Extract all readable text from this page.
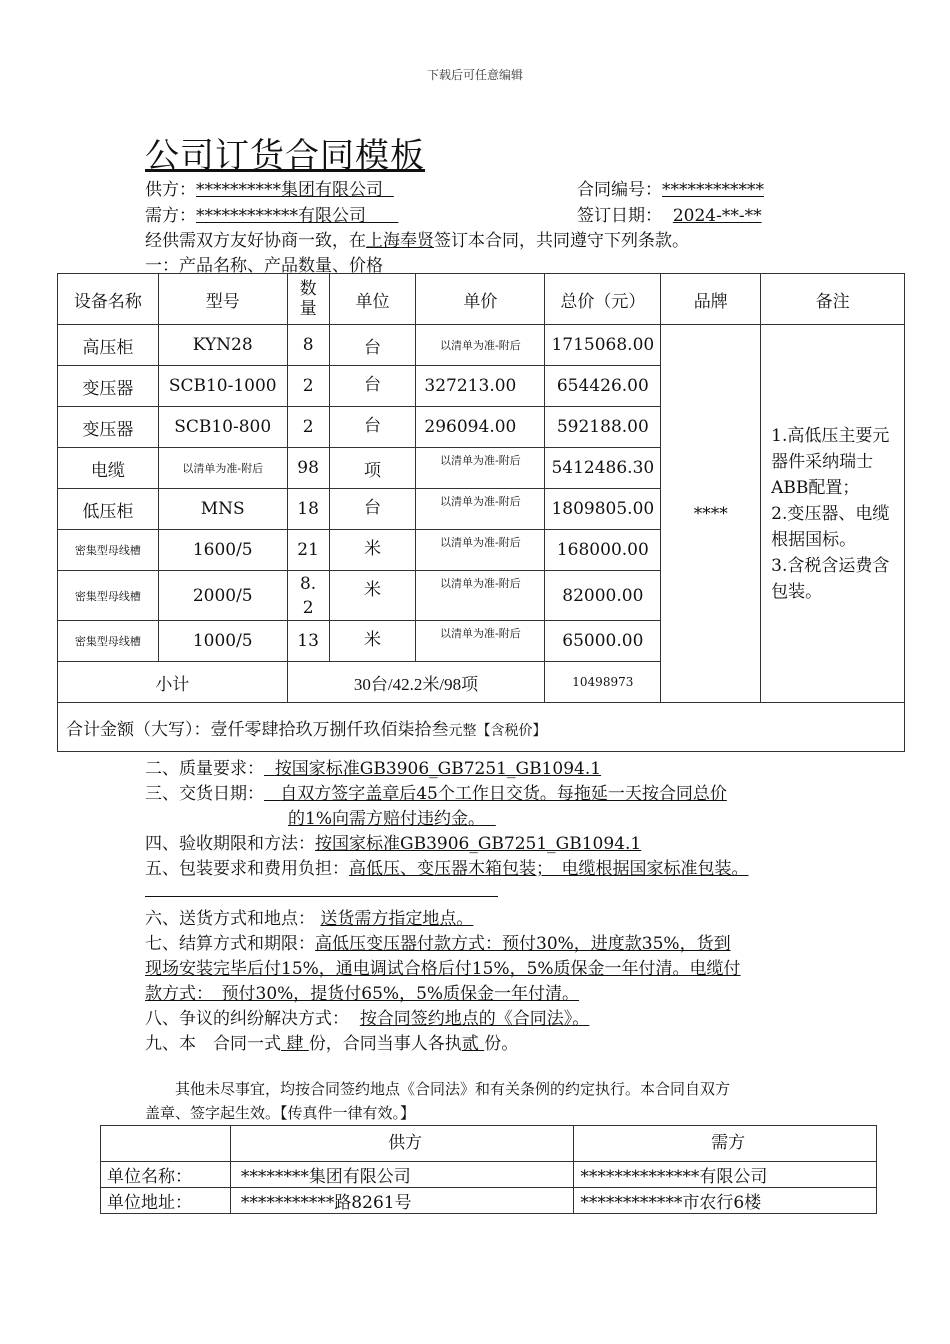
下载后可任意编辑
公司订货合同模板
供方：**********集团有限公司	合同编号：************
需方：************有限公司	签订日期： 2024-**-**
经供需双方友好协商一致，在上海奉贤签订本合同，共同遵守下列条款。
一：产品名称、产品数量、价格
设备名称	型号	数量	单位	单价	总价（元）	品牌	备注
高压柜	KYN28	8	台	以清单为准-附后	1715068.00	****	1.高低压主要元器件采纳瑞士ABB配置；
2.变压器、电缆根据国标。
3.含税含运费含包装。
变压器	SCB10-1000	2	台	327213.00	654426.00		
变压器	SCB10-800	2	台	296094.00	592188.00		
电缆	以清单为准-附后	98	项	以清单为准-附后	5412486.30		
低压柜	MNS	18	台	以清单为准-附后	1809805.00		
密集型母线槽	1600/5	21	米	以清单为准-附后	168000.00		
密集型母线槽	2000/5	8.2	米	以清单为准-附后	82000.00		
密集型母线槽	1000/5	13	米	以清单为准-附后	65000.00		
小计		30台/42.2米/98项			10498973		
合计金额（大写）：壹仟零肆拾玖万捌仟玖佰柒拾叁元整【含税价】							
二、质量要求： 按国家标准GB3906_GB7251_GB1094.1
三、交货日期： 自双方签字盖章后45个工作日交货。每拖延一天按合同总价
的1%向需方赔付违约金。
四、验收期限和方法：按国家标准GB3906_GB7251_GB1094.1
五、包装要求和费用负担：高低压、变压器木箱包装；　电缆根据国家标准包装。
六、送货方式和地点： 送货需方指定地点。
七、结算方式和期限：高低压变压器付款方式：预付30%，进度款35%，货到
现场安装完毕后付15%，通电调试合格后付15%，5%质保金一年付清。电缆付
款方式：　预付30%，提货付65%，5%质保金一年付清。
八、争议的纠纷解决方式： 按合同签约地点的《合同法》。
九、本　合同一式 肆 份，合同当事人各执贰 份。
其他未尽事宜，均按合同签约地点《合同法》和有关条例的约定执行。本合同自双方
盖章、签字起生效。【传真件一律有效。】
	供方	需方
单位名称：	********集团有限公司	**************有限公司
单位地址：	***********路8261号	************市农行6楼
